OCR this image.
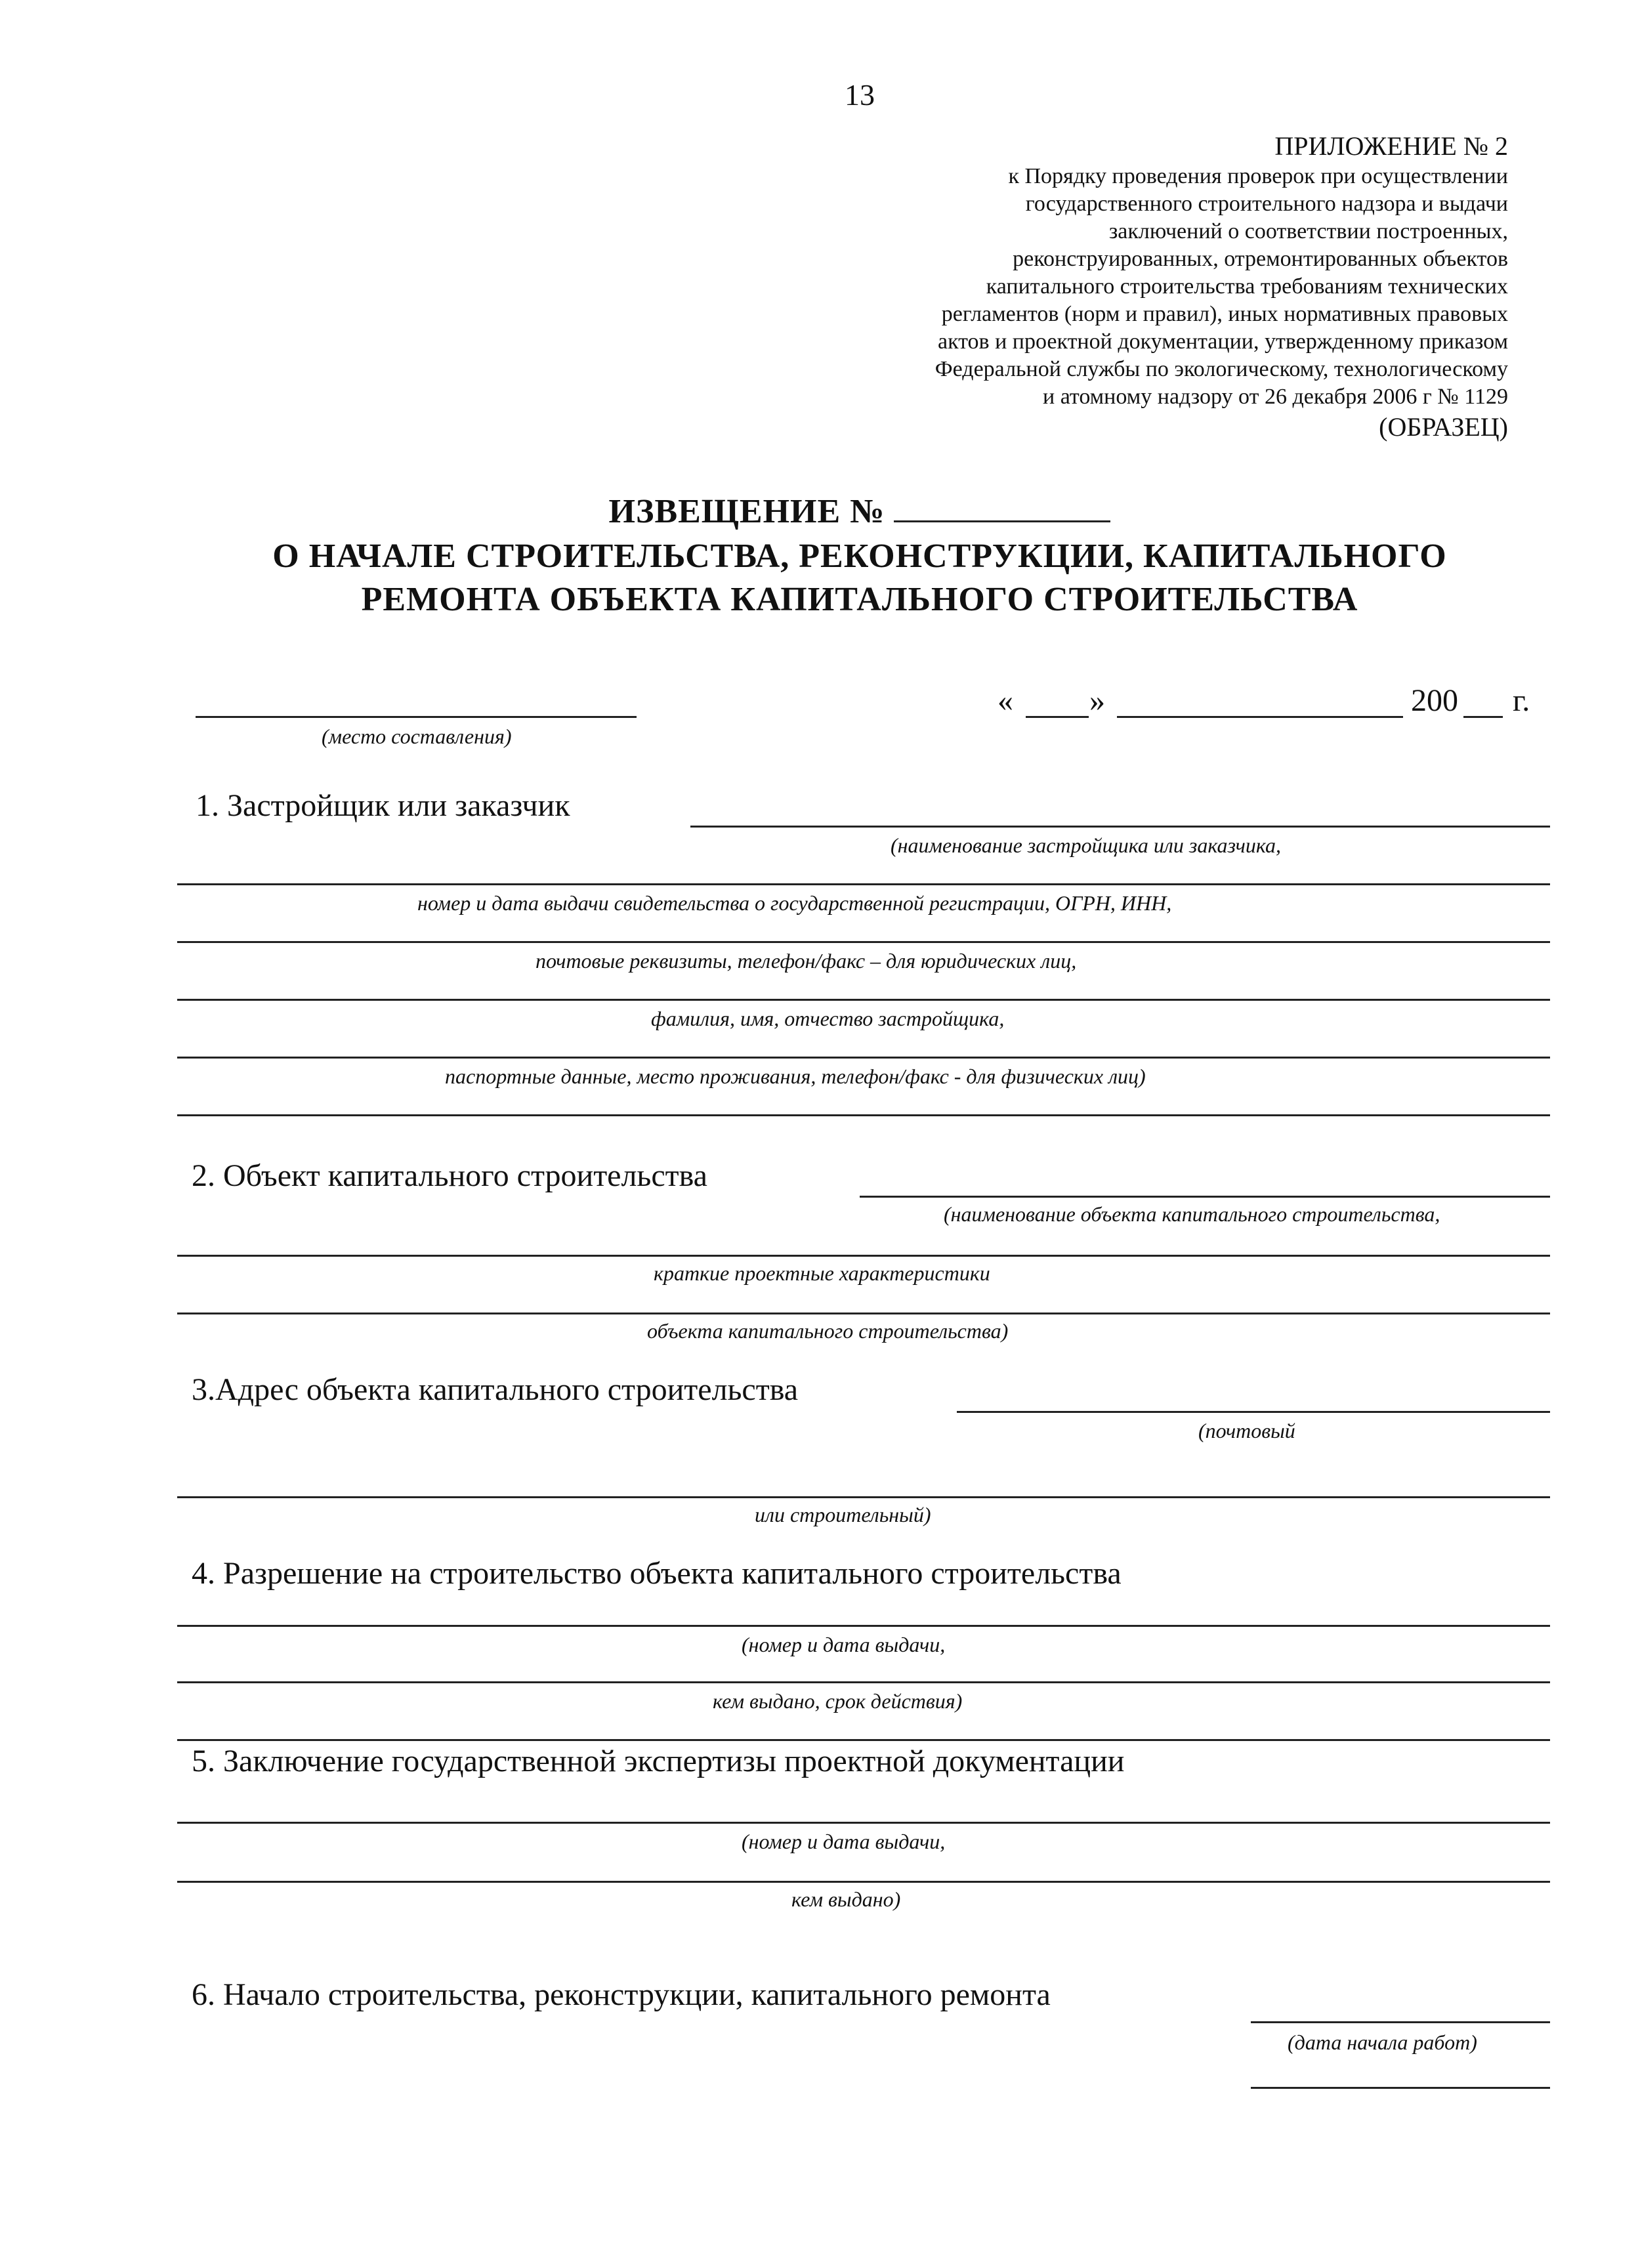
13
ПРИЛОЖЕНИЕ № 2
к Порядку проведения проверок при осуществлении
государственного строительного надзора и выдачи
заключений о соответствии построенных,
реконструированных, отремонтированных объектов
капитального строительства требованиям технических
регламентов (норм и правил), иных нормативных правовых
актов и проектной документации, утвержденному приказом
Федеральной службы по экологическому, технологическому
и атомному надзору от 26 декабря 2006 г № 1129
(ОБРАЗЕЦ)
ИЗВЕЩЕНИЕ №
О НАЧАЛЕ СТРОИТЕЛЬСТВА, РЕКОНСТРУКЦИИ, КАПИТАЛЬНОГО
РЕМОНТА ОБЪЕКТА КАПИТАЛЬНОГО СТРОИТЕЛЬСТВА
(место составления)
« »	200 г.
1. Застройщик или заказчик
(наименование застройщика или заказчика,
номер и дата выдачи свидетельства о государственной регистрации, ОГРН, ИНН,
почтовые реквизиты, телефон/факс – для юридических лиц,
фамилия, имя, отчество застройщика,
паспортные данные, место проживания, телефон/факс - для физических лиц)
2. Объект капитального строительства
(наименование объекта капитального строительства,
краткие проектные характеристики
объекта капитального строительства)
3.Адрес объекта капитального строительства
(почтовый
или строительный)
4. Разрешение на строительство объекта капитального строительства
(номер и дата выдачи,
кем выдано, срок действия)
5. Заключение государственной экспертизы проектной документации
(номер и дата выдачи,
кем выдано)
6. Начало строительства, реконструкции, капитального ремонта
(дата начала работ)
